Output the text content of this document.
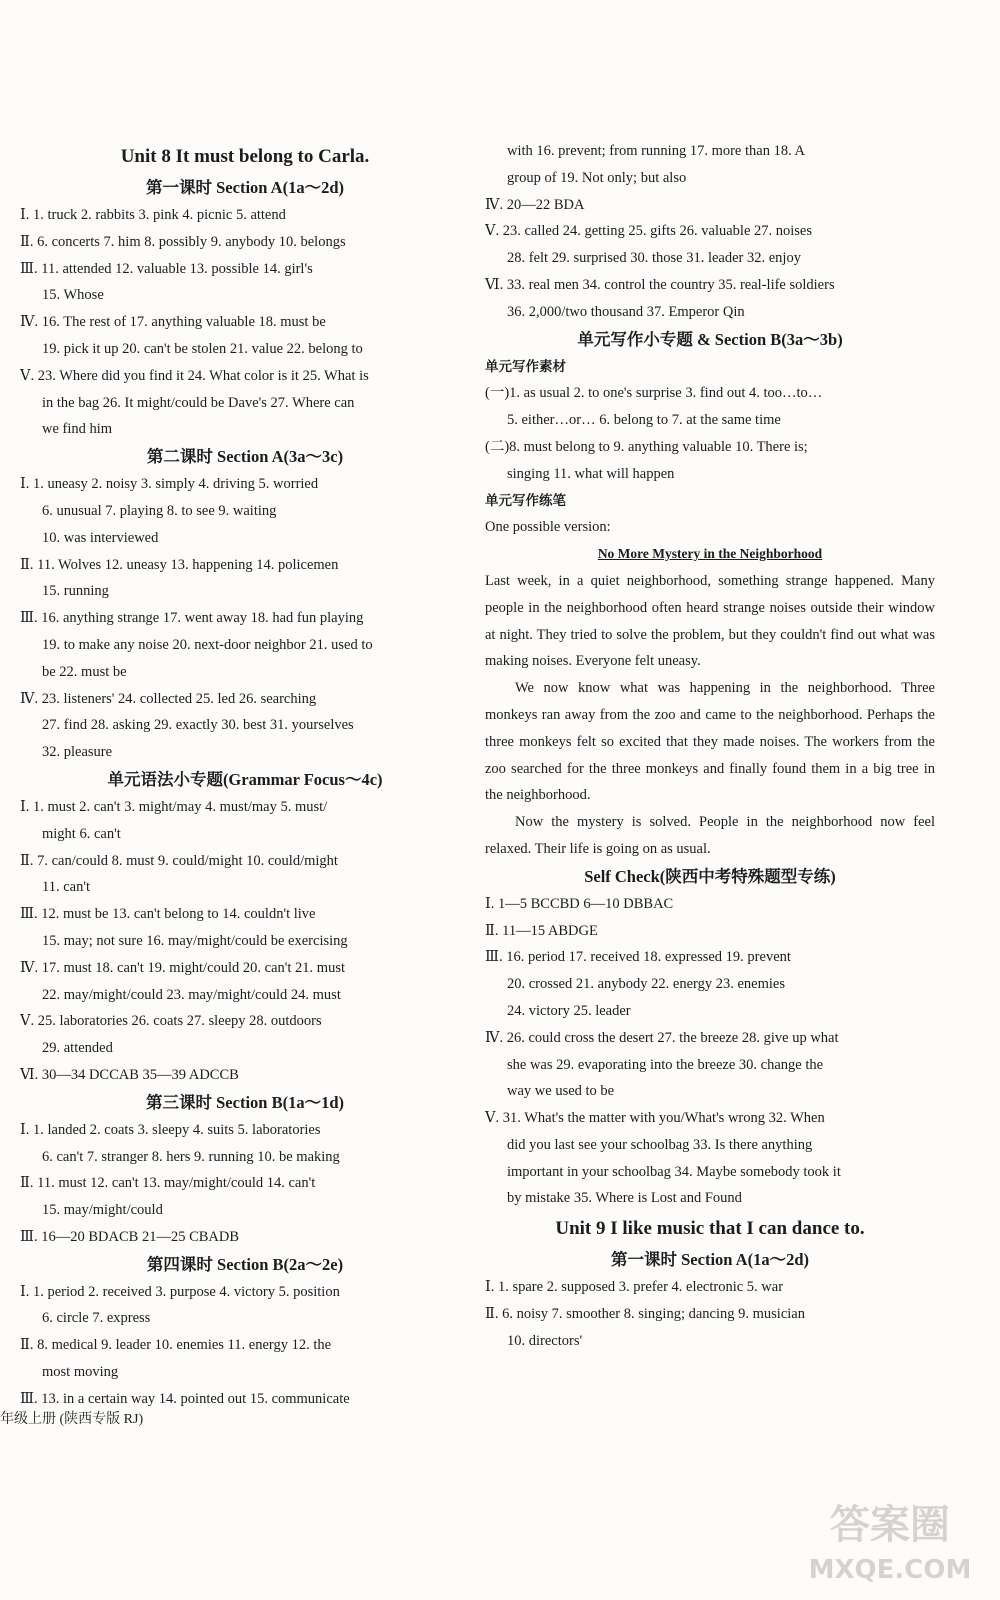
Unit 8 It must belong to Carla.
第一课时 Section A(1a～2d)
Ⅰ. 1. truck 2. rabbits 3. pink 4. picnic 5. attend
Ⅱ. 6. concerts 7. him 8. possibly 9. anybody 10. belongs
Ⅲ. 11. attended 12. valuable 13. possible 14. girl's
15. Whose
Ⅳ. 16. The rest of 17. anything valuable 18. must be
19. pick it up 20. can't be stolen 21. value 22. belong to
Ⅴ. 23. Where did you find it 24. What color is it 25. What is
in the bag 26. It might/could be Dave's 27. Where can
we find him
第二课时 Section A(3a～3c)
Ⅰ. 1. uneasy 2. noisy 3. simply 4. driving 5. worried
6. unusual 7. playing 8. to see 9. waiting
10. was interviewed
Ⅱ. 11. Wolves 12. uneasy 13. happening 14. policemen
15. running
Ⅲ. 16. anything strange 17. went away 18. had fun playing
19. to make any noise 20. next-door neighbor 21. used to
be 22. must be
Ⅳ. 23. listeners' 24. collected 25. led 26. searching
27. find 28. asking 29. exactly 30. best 31. yourselves
32. pleasure
单元语法小专题(Grammar Focus～4c)
Ⅰ. 1. must 2. can't 3. might/may 4. must/may 5. must/
might 6. can't
Ⅱ. 7. can/could 8. must 9. could/might 10. could/might
11. can't
Ⅲ. 12. must be 13. can't belong to 14. couldn't live
15. may; not sure 16. may/might/could be exercising
Ⅳ. 17. must 18. can't 19. might/could 20. can't 21. must
22. may/might/could 23. may/might/could 24. must
Ⅴ. 25. laboratories 26. coats 27. sleepy 28. outdoors
29. attended
Ⅵ. 30—34 DCCAB 35—39 ADCCB
第三课时 Section B(1a～1d)
Ⅰ. 1. landed 2. coats 3. sleepy 4. suits 5. laboratories
6. can't 7. stranger 8. hers 9. running 10. be making
Ⅱ. 11. must 12. can't 13. may/might/could 14. can't
15. may/might/could
Ⅲ. 16—20 BDACB 21—25 CBADB
第四课时 Section B(2a～2e)
Ⅰ. 1. period 2. received 3. purpose 4. victory 5. position
6. circle 7. express
Ⅱ. 8. medical 9. leader 10. enemies 11. energy 12. the
most moving
Ⅲ. 13. in a certain way 14. pointed out 15. communicate
with 16. prevent; from running 17. more than 18. A
group of 19. Not only; but also
Ⅳ. 20—22 BDA
Ⅴ. 23. called 24. getting 25. gifts 26. valuable 27. noises
28. felt 29. surprised 30. those 31. leader 32. enjoy
Ⅵ. 33. real men 34. control the country 35. real-life soldiers
36. 2,000/two thousand 37. Emperor Qin
单元写作小专题 & Section B(3a～3b)
单元写作素材
(一)1. as usual 2. to one's surprise 3. find out 4. too…to…
5. either…or… 6. belong to 7. at the same time
(二)8. must belong to 9. anything valuable 10. There is;
singing 11. what will happen
单元写作练笔
One possible version:
No More Mystery in the Neighborhood
Last week, in a quiet neighborhood, something strange happened. Many people in the neighborhood often heard strange noises outside their window at night. They tried to solve the problem, but they couldn't find out what was making noises. Everyone felt uneasy.
We now know what was happening in the neighborhood. Three monkeys ran away from the zoo and came to the neighborhood. Perhaps the three monkeys felt so excited that they made noises. The workers from the zoo searched for the three monkeys and finally found them in a big tree in the neighborhood.
Now the mystery is solved. People in the neighborhood now feel relaxed. Their life is going on as usual.
Self Check(陕西中考特殊题型专练)
Ⅰ. 1—5 BCCBD 6—10 DBBAC
Ⅱ. 11—15 ABDGE
Ⅲ. 16. period 17. received 18. expressed 19. prevent
20. crossed 21. anybody 22. energy 23. enemies
24. victory 25. leader
Ⅳ. 26. could cross the desert 27. the breeze 28. give up what
she was 29. evaporating into the breeze 30. change the
way we used to be
Ⅴ. 31. What's the matter with you/What's wrong 32. When
did you last see your schoolbag 33. Is there anything
important in your schoolbag 34. Maybe somebody took it
by mistake 35. Where is Lost and Found
Unit 9 I like music that I can dance to.
第一课时 Section A(1a～2d)
Ⅰ. 1. spare 2. supposed 3. prefer 4. electronic 5. war
Ⅱ. 6. noisy 7. smoother 8. singing; dancing 9. musician
10. directors'
年级上册 (陕西专版 RJ)
答案圈
MXQE.COM
